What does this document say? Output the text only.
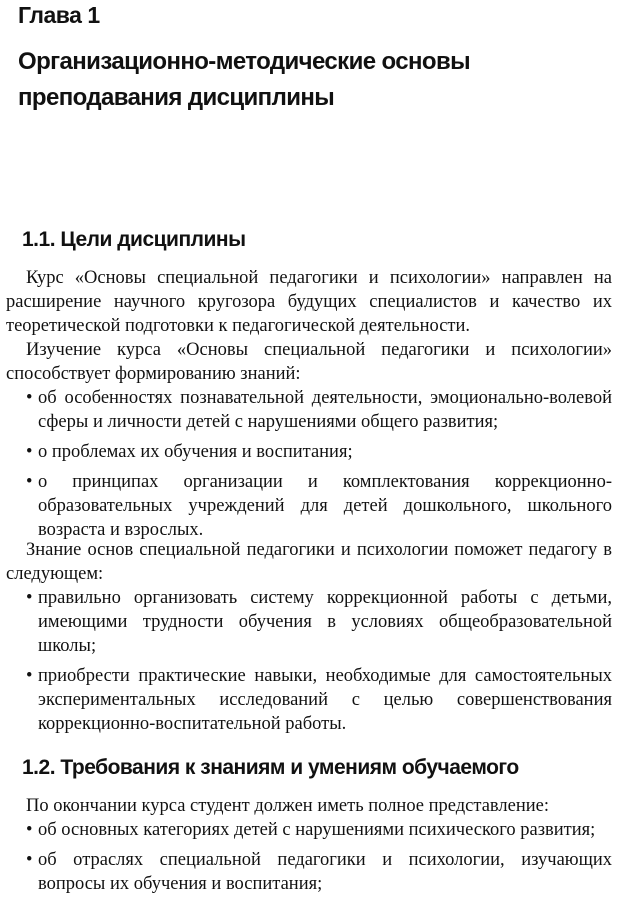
Глава 1
Организационно-методические основы преподавания дисциплины
1.1. Цели дисциплины

Курс «Основы специальной педагогики и психологии» направлен на расширение научного кругозора будущих специалистов и качество их теоретической подготовки к педагогической деятельности.

Изучение курса «Основы специальной педагогики и психологии» способствует формированию знаний:

• об особенностях познавательной деятельности, эмоционально-волевой сферы и личности детей с нарушениями общего развития;
• о проблемах их обучения и воспитания;
• о принципах организации и комплектования коррекционно-образовательных учреждений для детей дошкольного, школьного возраста и взрослых.

Знание основ специальной педагогики и психологии поможет педагогу в следующем:

• правильно организовать систему коррекционной работы с детьми, имеющими трудности обучения в условиях общеобразовательной школы;
• приобрести практические навыки, необходимые для самостоятельных экспериментальных исследований с целью совершенствования коррекционно-воспитательной работы.
1.2. Требования к знаниям и умениям обучаемого

По окончании курса студент должен иметь полное представление:

• об основных категориях детей с нарушениями психического развития;
• об отраслях специальной педагогики и психологии, изучающих вопросы их обучения и воспитания;
